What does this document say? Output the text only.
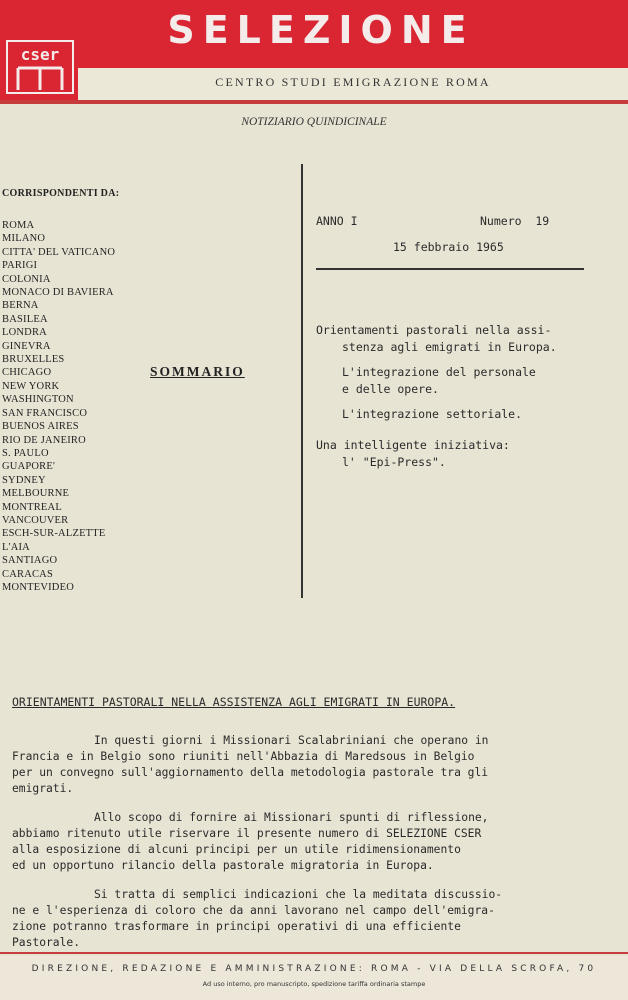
SELEZIONE
cser
CENTRO STUDI EMIGRAZIONE ROMA
NOTIZIARIO QUINDICINALE
CORRISPONDENTI DA:
ROMA
MILANO
CITTA' DEL VATICANO
PARIGI
COLONIA
MONACO DI BAVIERA
BERNA
BASILEA
LONDRA
GINEVRA
BRUXELLES
CHICAGO
NEW YORK
WASHINGTON
SAN FRANCISCO
BUENOS AIRES
RIO DE JANEIRO
S. PAULO
GUAPORE'
SYDNEY
MELBOURNE
MONTREAL
VANCOUVER
ESCH-SUR-ALZETTE
L'AIA
SANTIAGO
CARACAS
MONTEVIDEO
SOMMARIO
ANNO I	Numero  19
15 febbraio 1965

Orientamenti pastorali nella assi-

stenza agli emigrati in Europa.

L'integrazione del personale

e delle opere.

L'integrazione settoriale.

Una intelligente iniziativa:

l' "Epi-Press".

ORIENTAMENTI PASTORALI NELLA ASSISTENZA AGLI EMIGRATI IN EUROPA.

In questi giorni i Missionari Scalabriniani che operano in
Francia e in Belgio sono riuniti nell'Abbazia di Maredsous in Belgio
per un convegno sull'aggiornamento della metodologia pastorale tra gli
emigrati.

Allo scopo di fornire ai Missionari spunti di riflessione,
abbiamo ritenuto utile riservare il presente numero di SELEZIONE CSER
alla esposizione di alcuni principi per un utile ridimensionamento
ed un opportuno rilancio della pastorale migratoria in Europa.

Si tratta di semplici indicazioni che la meditata discussio-
ne e l'esperienza di coloro che da anni lavorano nel campo dell'emigra-
zione potranno trasformare in principi operativi di una efficiente
Pastorale.

DIREZIONE, REDAZIONE E AMMINISTRAZIONE: ROMA - VIA DELLA SCROFA, 70
Ad uso interno, pro manuscripto, spedizione tariffa ordinaria stampe
